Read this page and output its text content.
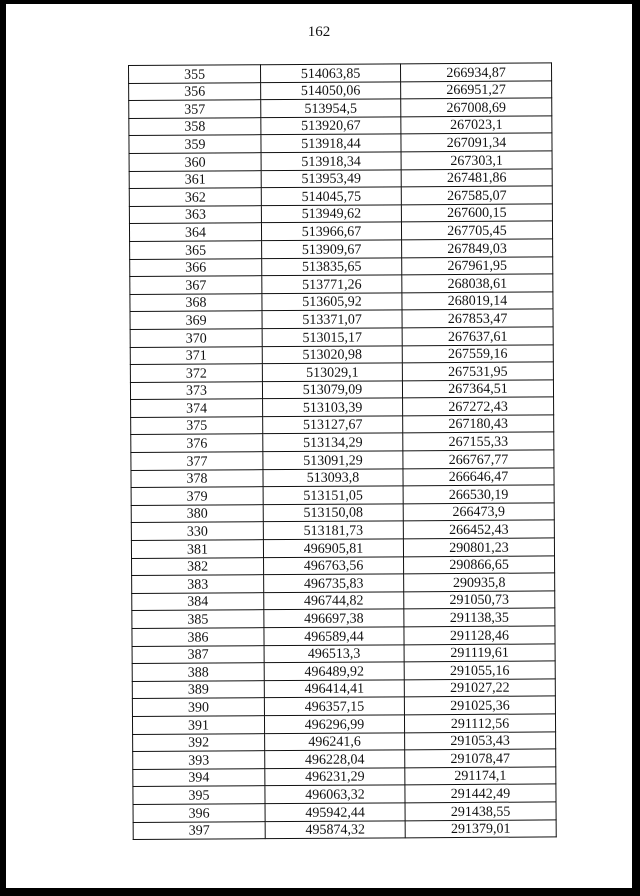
162
355	514063,85	266934,87
356	514050,06	266951,27
357	513954,5	267008,69
358	513920,67	267023,1
359	513918,44	267091,34
360	513918,34	267303,1
361	513953,49	267481,86
362	514045,75	267585,07
363	513949,62	267600,15
364	513966,67	267705,45
365	513909,67	267849,03
366	513835,65	267961,95
367	513771,26	268038,61
368	513605,92	268019,14
369	513371,07	267853,47
370	513015,17	267637,61
371	513020,98	267559,16
372	513029,1	267531,95
373	513079,09	267364,51
374	513103,39	267272,43
375	513127,67	267180,43
376	513134,29	267155,33
377	513091,29	266767,77
378	513093,8	266646,47
379	513151,05	266530,19
380	513150,08	266473,9
330	513181,73	266452,43
381	496905,81	290801,23
382	496763,56	290866,65
383	496735,83	290935,8
384	496744,82	291050,73
385	496697,38	291138,35
386	496589,44	291128,46
387	496513,3	291119,61
388	496489,92	291055,16
389	496414,41	291027,22
390	496357,15	291025,36
391	496296,99	291112,56
392	496241,6	291053,43
393	496228,04	291078,47
394	496231,29	291174,1
395	496063,32	291442,49
396	495942,44	291438,55
397	495874,32	291379,01
